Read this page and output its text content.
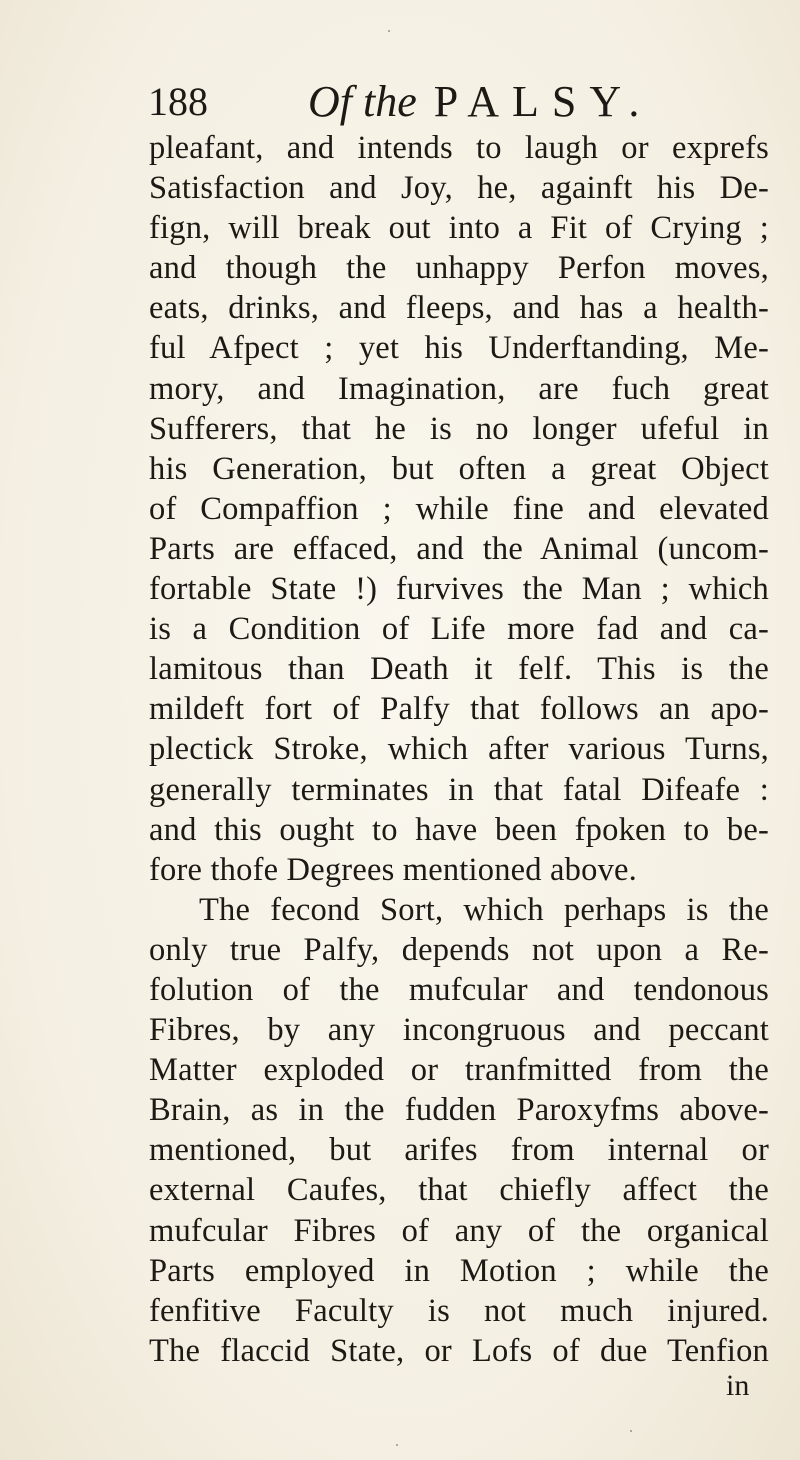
188 Of the PALSY.
pleafant, and intends to laugh or exprefs
Satisfaction and Joy, he, againft his De-
fign, will break out into a Fit of Crying ;
and though the unhappy Perfon moves,
eats, drinks, and fleeps, and has a health-
ful Afpect ; yet his Underftanding, Me-
mory, and Imagination, are fuch great
Sufferers, that he is no longer ufeful in
his Generation, but often a great Object
of Compaffion ; while fine and elevated
Parts are effaced, and the Animal (uncom-
fortable State !) furvives the Man ; which
is a Condition of Life more fad and ca-
lamitous than Death it felf. This is the
mildeft fort of Palfy that follows an apo-
plectick Stroke, which after various Turns,
generally terminates in that fatal Difeafe :
and this ought to have been fpoken to be-
fore thofe Degrees mentioned above.
The fecond Sort, which perhaps is the
only true Palfy, depends not upon a Re-
folution of the mufcular and tendonous
Fibres, by any incongruous and peccant
Matter exploded or tranfmitted from the
Brain, as in the fudden Paroxyfms above-
mentioned, but arifes from internal or
external Caufes, that chiefly affect the
mufcular Fibres of any of the organical
Parts employed in Motion ; while the
fenfitive Faculty is not much injured.
The flaccid State, or Lofs of due Tenfion
in
